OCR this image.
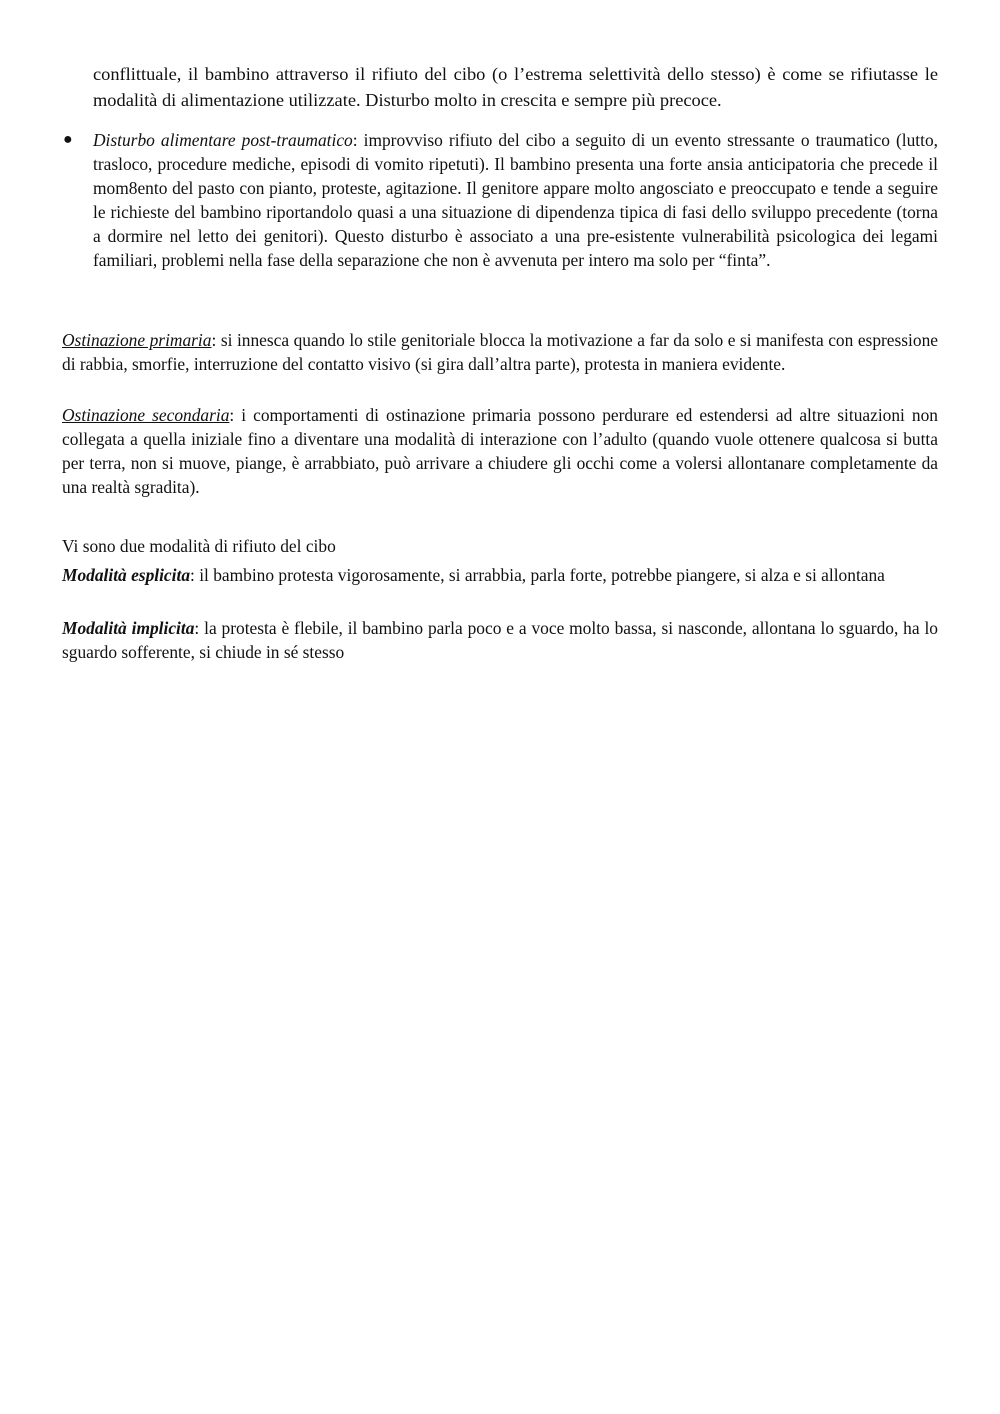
conflittuale, il bambino attraverso il rifiuto del cibo (o l’estrema selettività dello stesso) è come se rifiutasse le modalità di alimentazione utilizzate. Disturbo molto in crescita e sempre più precoce.

● Disturbo alimentare post-traumatico: improvviso rifiuto del cibo a seguito di un evento stressante o traumatico (lutto, trasloco, procedure mediche, episodi di vomito ripetuti). Il bambino presenta una forte ansia anticipatoria che precede il mom8ento del pasto con pianto, proteste, agitazione. Il genitore appare molto angosciato e preoccupato e tende a seguire le richieste del bambino riportandolo quasi a una situazione di dipendenza tipica di fasi dello sviluppo precedente (torna a dormire nel letto dei genitori). Questo disturbo è associato a una pre-esistente vulnerabilità psicologica dei legami familiari, problemi nella fase della separazione che non è avvenuta per intero ma solo per “finta”.

Ostinazione primaria: si innesca quando lo stile genitoriale blocca la motivazione a far da solo e si manifesta con espressione di rabbia, smorfie, interruzione del contatto visivo (si gira dall’altra parte), protesta in maniera evidente.

Ostinazione secondaria: i comportamenti di ostinazione primaria possono perdurare ed estendersi ad altre situazioni non collegata a quella iniziale fino a diventare una modalità di interazione con l’adulto (quando vuole ottenere qualcosa si butta per terra, non si muove, piange, è arrabbiato, può arrivare a chiudere gli occhi come a volersi allontanare completamente da una realtà sgradita).

Vi sono due modalità di rifiuto del cibo

Modalità esplicita: il bambino protesta vigorosamente, si arrabbia, parla forte, potrebbe piangere, si alza e si allontana

Modalità implicita: la protesta è flebile, il bambino parla poco e a voce molto bassa, si nasconde, allontana lo sguardo, ha lo sguardo sofferente, si chiude in sé stesso
